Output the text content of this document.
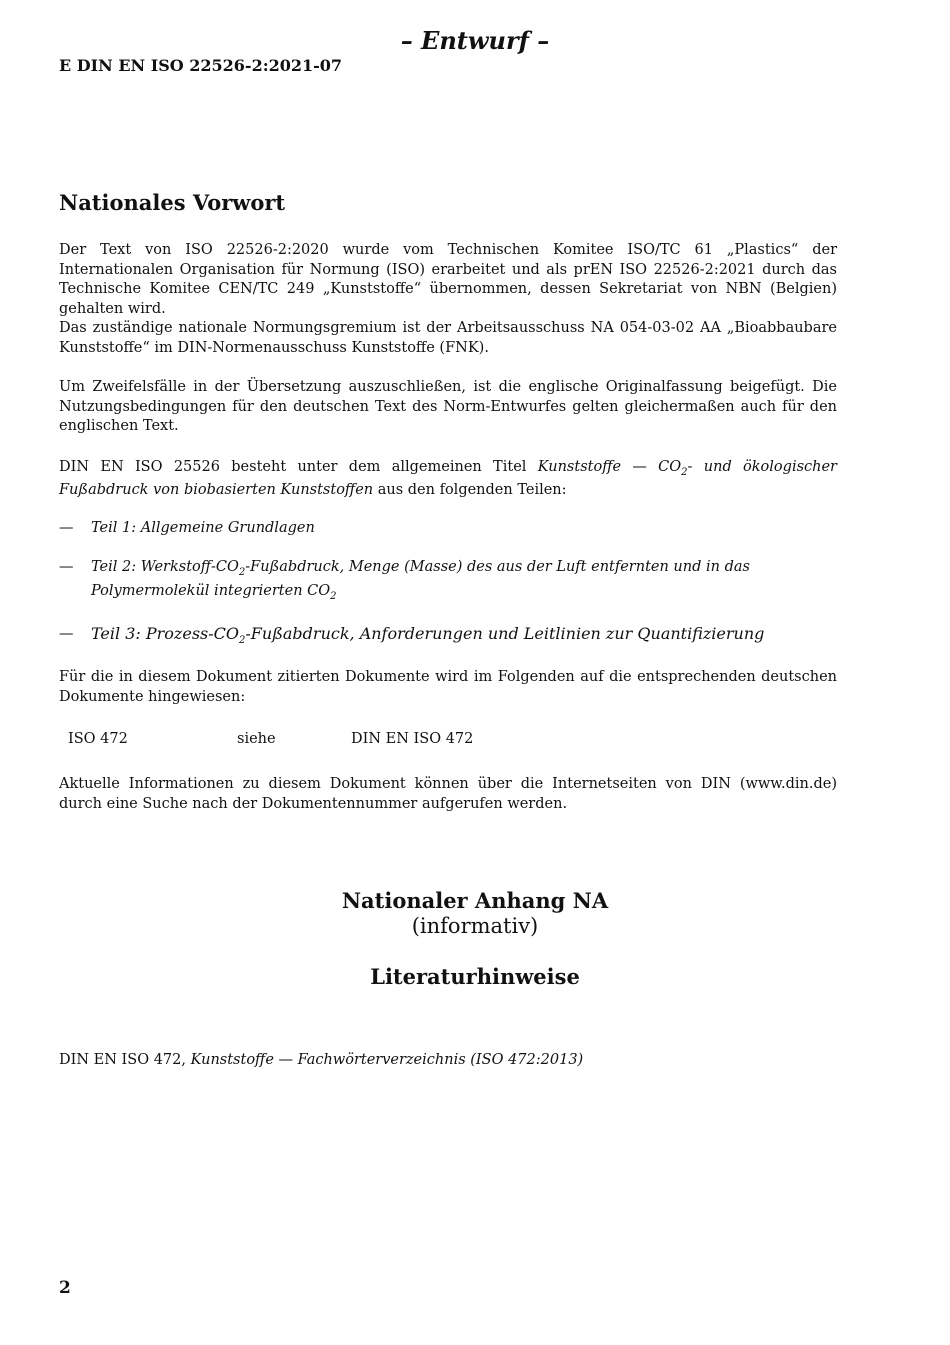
– Entwurf –
E DIN EN ISO 22526-2:2021-07
Nationales Vorwort

Der Text von ISO 22526-2:2020 wurde vom Technischen Komitee ISO/TC 61 „Plastics“ der Internationalen Organisation für Normung (ISO) erarbeitet und als prEN ISO 22526-2:2021 durch das Technische Komitee CEN/TC 249 „Kunststoffe“ übernommen, dessen Sekretariat von NBN (Belgien) gehalten wird.

Das zuständige nationale Normungsgremium ist der Arbeitsausschuss NA 054-03-02 AA „Bioabbaubare Kunststoffe“ im DIN-Normenausschuss Kunststoffe (FNK).

Um Zweifelsfälle in der Übersetzung auszuschließen, ist die englische Originalfassung beigefügt. Die Nutzungsbedingungen für den deutschen Text des Norm-Entwurfes gelten gleichermaßen auch für den englischen Text.

DIN EN ISO 25526 besteht unter dem allgemeinen Titel Kunststoffe — $CO_2-$ und ökologischer Fußabdruck von biobasierten Kunststoffen aus den folgenden Teilen:

— Teil 1: Allgemeine Grundlagen
— Teil 2: Werkstoff-$CO_2$-Fußabdruck, Menge (Masse) des aus der Luft entfernten und in das Polymermolekül integrierten $CO_2$
— Teil 3: Prozess-$CO_2$-Fußabdruck, Anforderungen und Leitlinien zur Quantifizierung

Für die in diesem Dokument zitierten Dokumente wird im Folgenden auf die entsprechenden deutschen Dokumente hingewiesen:

ISO 472	siehe	DIN EN ISO 472

Aktuelle Informationen zu diesem Dokument können über die Internetseiten von DIN (www.din.de) durch eine Suche nach der Dokumentennummer aufgerufen werden.

Nationaler Anhang NA
(informativ)
Literaturhinweise

DIN EN ISO 472, Kunststoffe — Fachwörterverzeichnis (ISO 472:2013)

2
